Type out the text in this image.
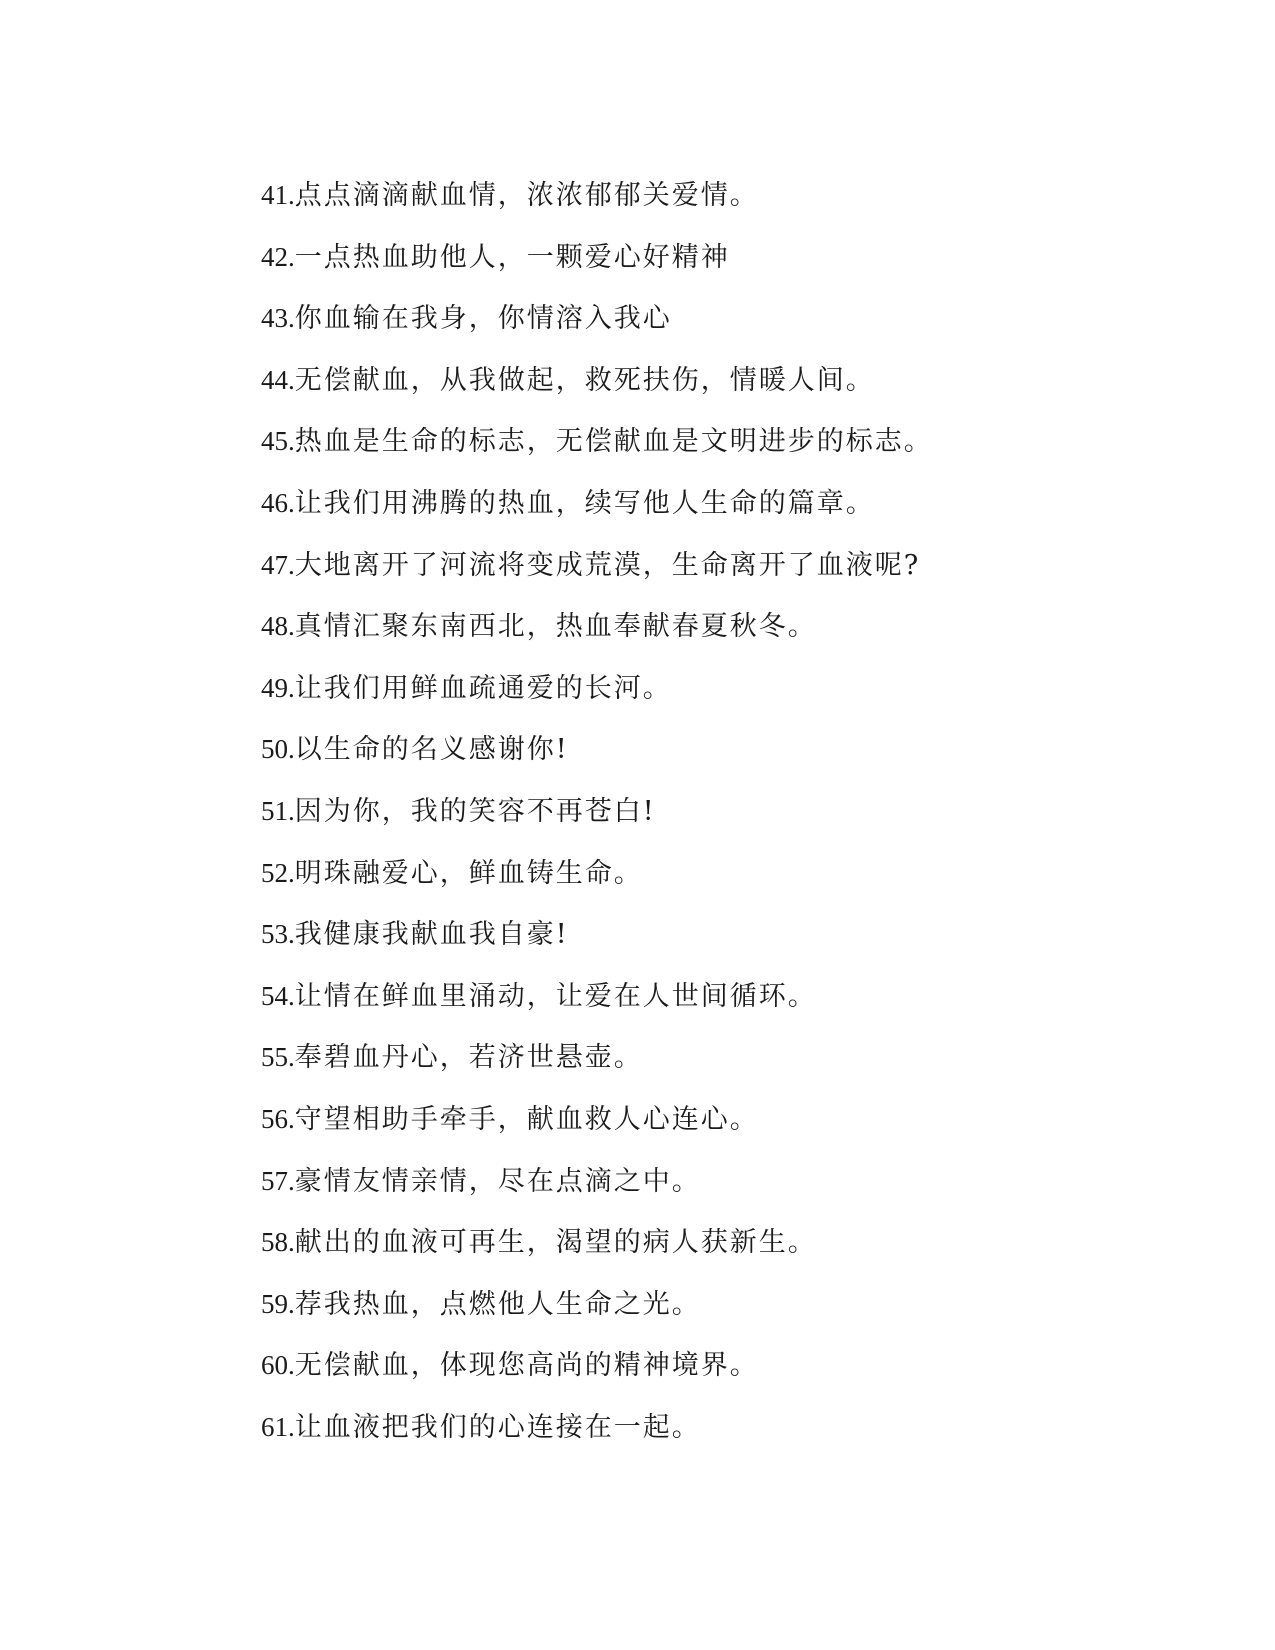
41.点点滴滴献血情，浓浓郁郁关爱情。
42.一点热血助他人，一颗爱心好精神
43.你血输在我身，你情溶入我心
44.无偿献血，从我做起，救死扶伤，情暖人间。
45.热血是生命的标志，无偿献血是文明进步的标志。
46.让我们用沸腾的热血，续写他人生命的篇章。
47.大地离开了河流将变成荒漠，生命离开了血液呢?
48.真情汇聚东南西北，热血奉献春夏秋冬。
49.让我们用鲜血疏通爱的长河。
50.以生命的名义感谢你!
51.因为你，我的笑容不再苍白!
52.明珠融爱心，鲜血铸生命。
53.我健康我献血我自豪!
54.让情在鲜血里涌动，让爱在人世间循环。
55.奉碧血丹心，若济世悬壶。
56.守望相助手牵手，献血救人心连心。
57.豪情友情亲情，尽在点滴之中。
58.献出的血液可再生，渴望的病人获新生。
59.荐我热血，点燃他人生命之光。
60.无偿献血，体现您高尚的精神境界。
61.让血液把我们的心连接在一起。
